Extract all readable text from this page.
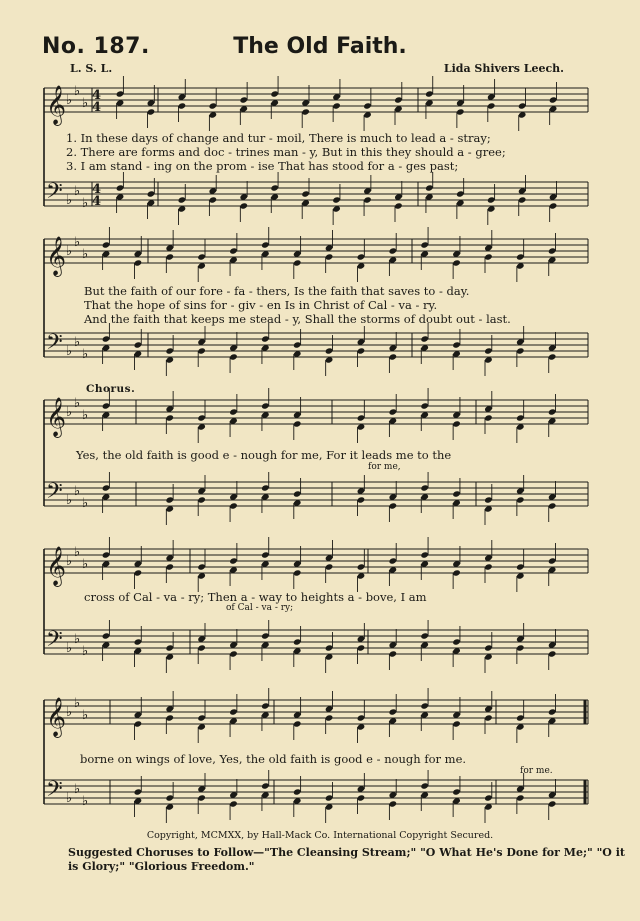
No. 187.	The Old Faith.
L. S. L.	Lida Shivers Leech.
𝄞
𝄢
♭
♭
♭
♭
♭
♭
4
4
4
4
𝄞
𝄢
♭
♭
♭
♭
♭
♭
𝄞
𝄢
♭
♭
♭
♭
♭
♭
𝄞
𝄢
♭
♭
♭
♭
♭
♭
𝄞
𝄢
♭
♭
♭
♭
♭
♭
1. In these days of change and tur - moil, There is much to lead a - stray;
2. There are forms and doc - trines man - y, But in this they should a - gree;
3. I am stand - ing on the prom - ise That has stood for a - ges past;
But the faith of our fore - fa - thers, Is the faith that saves to - day.
That the hope of sins for - giv - en Is in Christ of Cal - va - ry.
And the faith that keeps me stead - y, Shall the storms of doubt out - last.
Chorus.
Yes, the old faith is good e - nough for me, For it leads me to the
for me,
cross of Cal - va - ry; Then a - way to heights a - bove, I am
of Cal - va - ry;
borne on wings of love, Yes, the old faith is good e - nough for me.
for me.
Copyright, MCMXX, by Hall-Mack Co. International Copyright Secured.
Suggested Choruses to Follow—"The Cleansing Stream;" "O What He's Done for Me;" "O it is Glory;" "Glorious Freedom."
